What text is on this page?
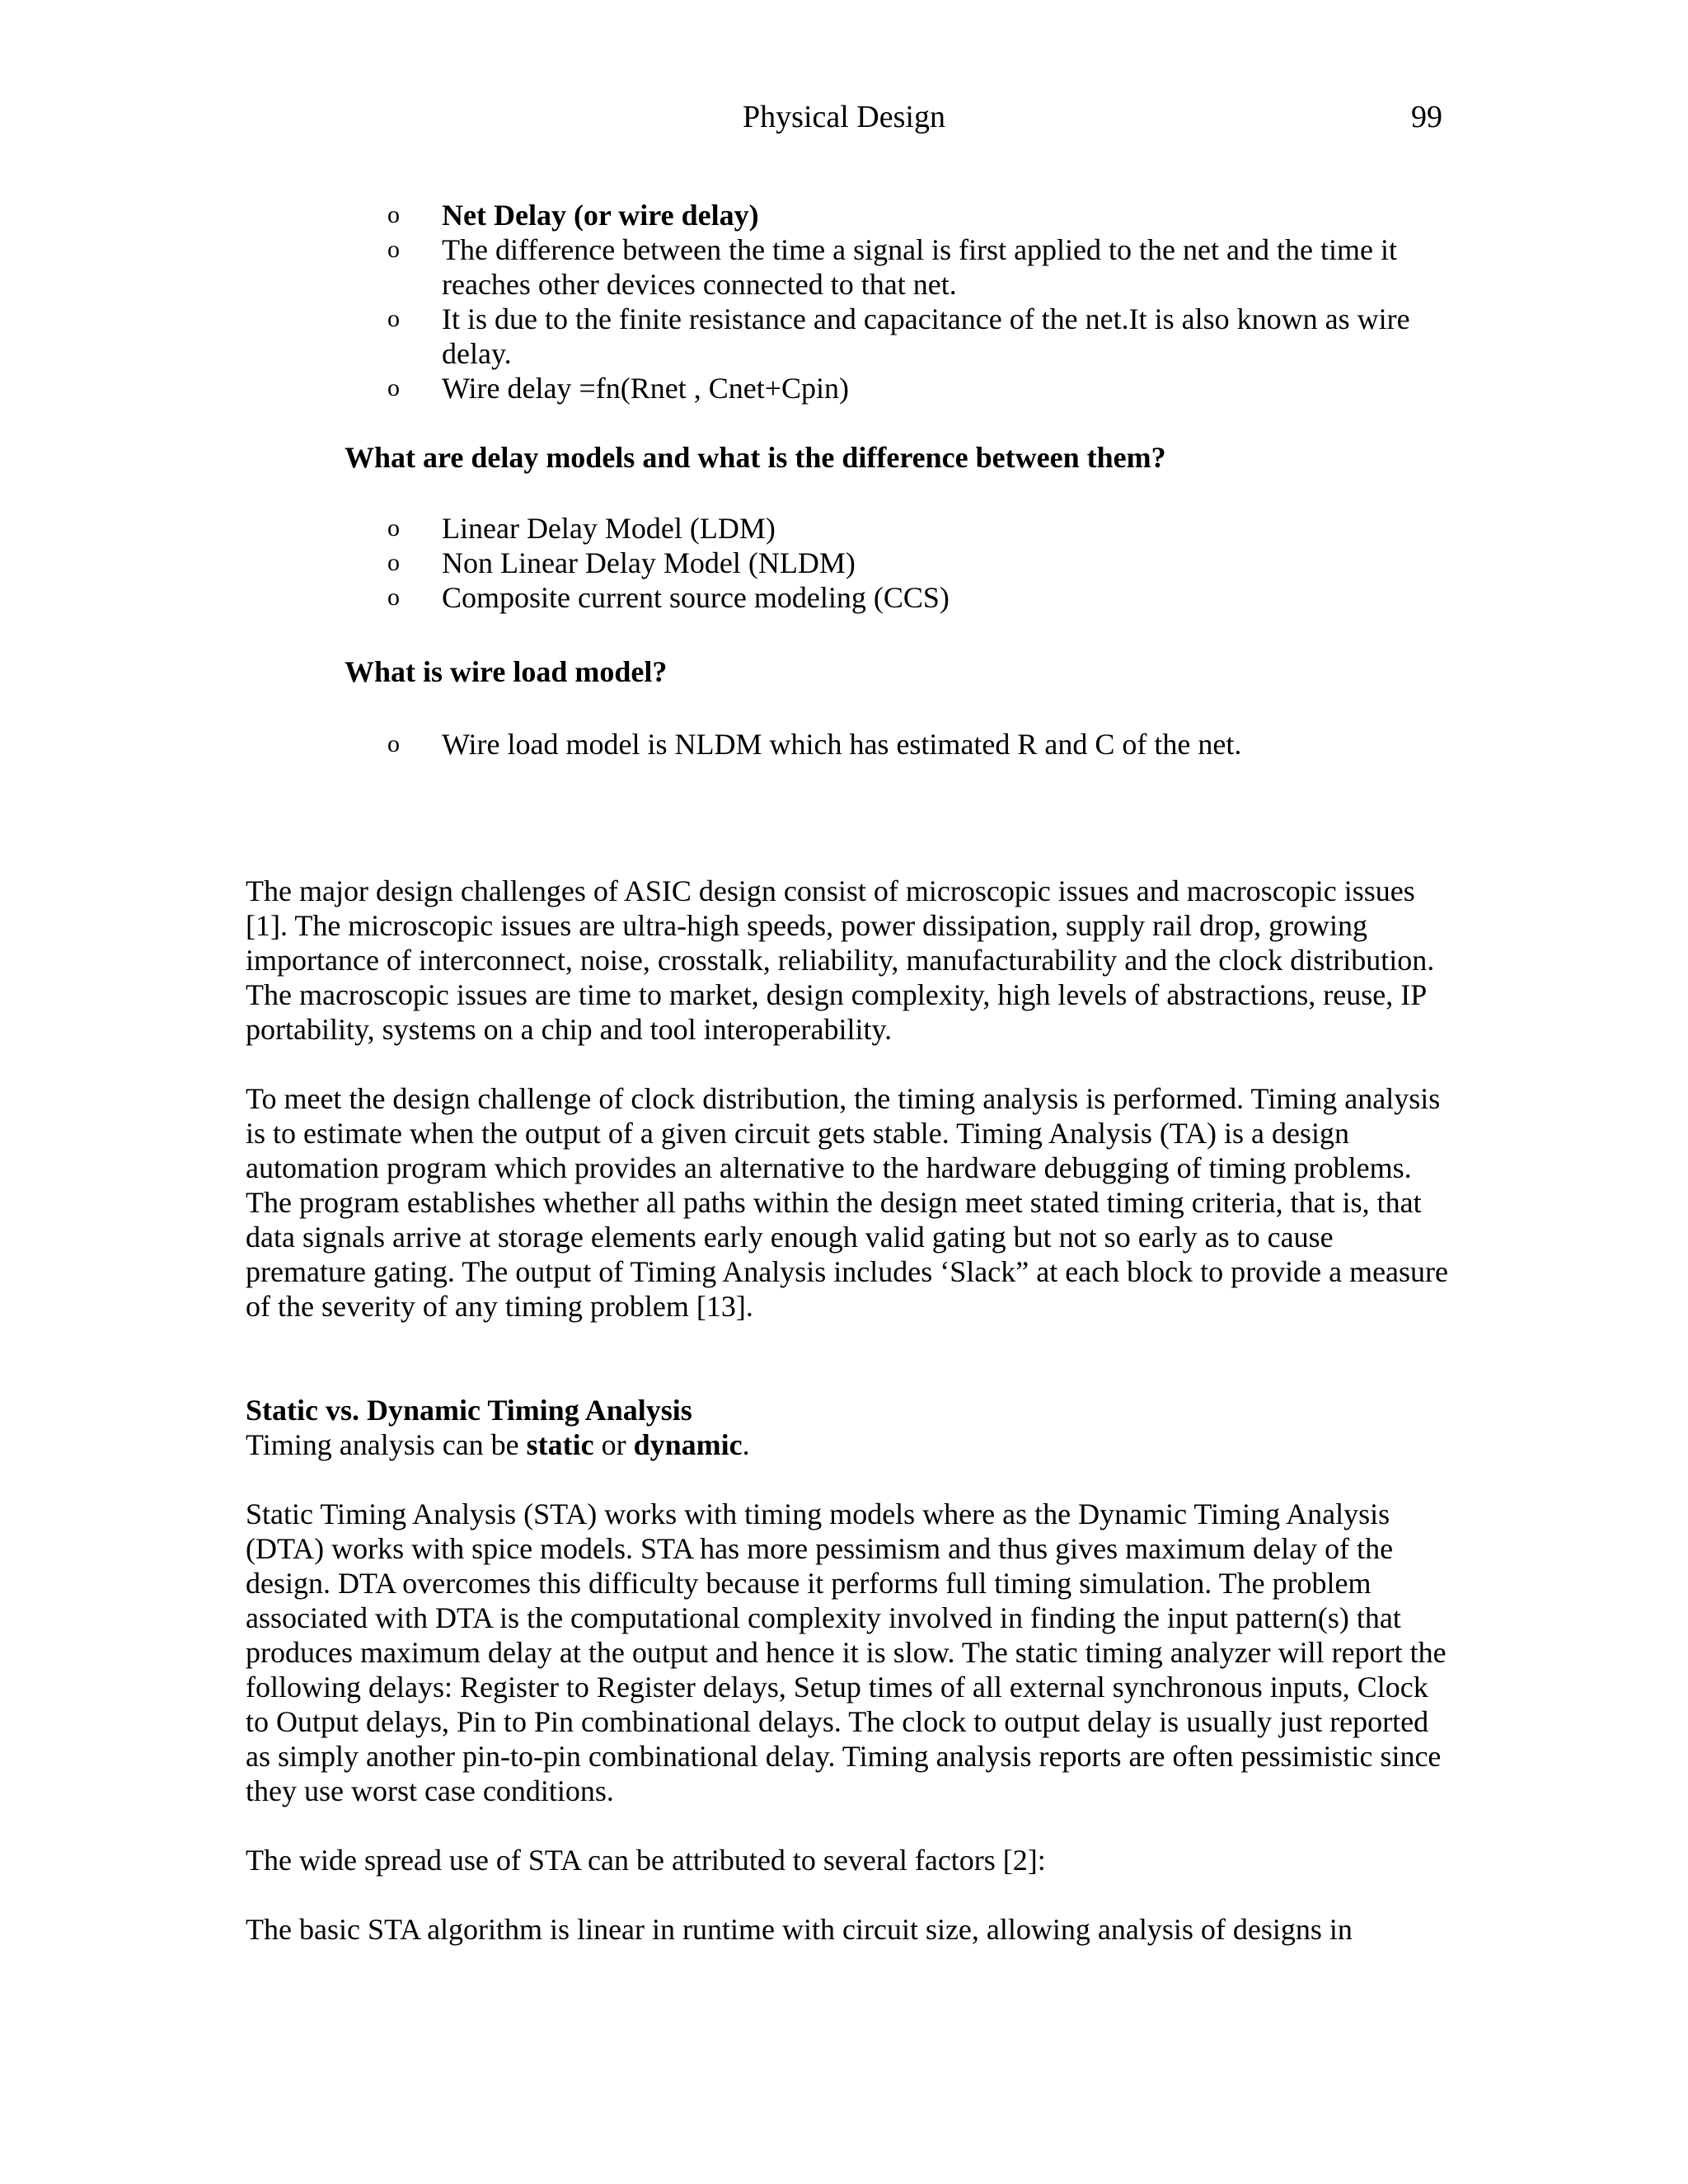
Physical Design	99
o	Net Delay (or wire delay)
o	The difference between the time a signal is first applied to the net and the time it reaches other devices connected to that net.
o	It is due to the finite resistance and capacitance of the net.It is also known as wire delay.
o	Wire delay =fn(Rnet , Cnet+Cpin)
What are delay models and what is the difference between them?
o	Linear Delay Model (LDM)
o	Non Linear Delay Model (NLDM)
o	Composite current source modeling (CCS)
What is wire load model?
o	Wire load model is NLDM which has estimated R and C of the net.

The major design challenges of ASIC design consist of microscopic issues and macroscopic issues [1]. The microscopic issues are ultra-high speeds, power dissipation, supply rail drop, growing importance of interconnect, noise, crosstalk, reliability, manufacturability and the clock distribution. The macroscopic issues are time to market, design complexity, high levels of abstractions, reuse, IP portability, systems on a chip and tool interoperability.

To meet the design challenge of clock distribution, the timing analysis is performed. Timing analysis is to estimate when the output of a given circuit gets stable. Timing Analysis (TA) is a design automation program which provides an alternative to the hardware debugging of timing problems. The program establishes whether all paths within the design meet stated timing criteria, that is, that data signals arrive at storage elements early enough valid gating but not so early as to cause premature gating. The output of Timing Analysis includes ‘Slack” at each block to provide a measure of the severity of any timing problem [13].

Static vs. Dynamic Timing Analysis

Timing analysis can be static or dynamic.

Static Timing Analysis (STA) works with timing models where as the Dynamic Timing Analysis (DTA) works with spice models. STA has more pessimism and thus gives maximum delay of the design. DTA overcomes this difficulty because it performs full timing simulation. The problem associated with DTA is the computational complexity involved in finding the input pattern(s) that produces maximum delay at the output and hence it is slow. The static timing analyzer will report the following delays: Register to Register delays, Setup times of all external synchronous inputs, Clock to Output delays, Pin to Pin combinational delays. The clock to output delay is usually just reported as simply another pin-to-pin combinational delay. Timing analysis reports are often pessimistic since they use worst case conditions.

The wide spread use of STA can be attributed to several factors [2]:

The basic STA algorithm is linear in runtime with circuit size, allowing analysis of designs in
